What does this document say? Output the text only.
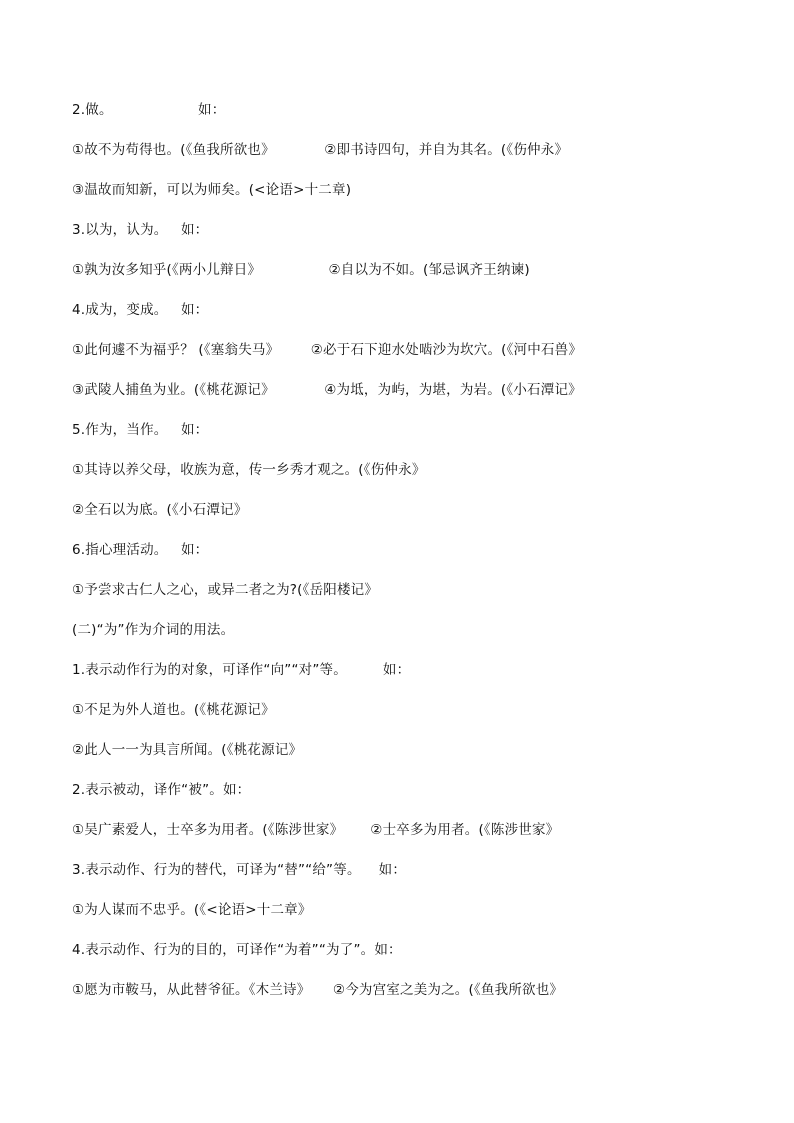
2.做。                   如：
①故不为苟得也。(《鱼我所欲也》           ②即书诗四句，并自为其名。(《伤仲永》
③温故而知新，可以为师矣。(<论语>十二章)
3.以为，认为。   如：
①孰为汝多知乎(《两小儿辩日》               ②自以为不如。(邹忌讽齐王纳谏)
4.成为，变成。   如：
①此何遽不为福乎？ (《塞翁失马》       ②必于石下迎水处啮沙为坎穴。(《河中石兽》
③武陵人捕鱼为业。(《桃花源记》           ④为坻，为屿，为堪，为岩。(《小石潭记》
5.作为，当作。   如：
①其诗以养父母，收族为意，传一乡秀才观之。(《伤仲永》
②全石以为底。(《小石潭记》
6.指心理活动。   如：
①予尝求古仁人之心，或异二者之为?(《岳阳楼记》
(二)“为”作为介词的用法。
1.表示动作行为的对象，可译作“向”“对”等。        如：
①不足为外人道也。(《桃花源记》
②此人一一为具言所闻。(《桃花源记》
2.表示被动，译作“被”。如：
①吴广素爱人，士卒多为用者。(《陈涉世家》      ②士卒多为用者。(《陈涉世家》
3.表示动作、行为的替代，可译为“替”“给”等。    如：
①为人谋而不忠乎。(《<论语>十二章》
4.表示动作、行为的目的，可译作“为着”“为了”。如：
①愿为市鞍马，从此替爷征。《木兰诗》     ②今为宫室之美为之。(《鱼我所欲也》
